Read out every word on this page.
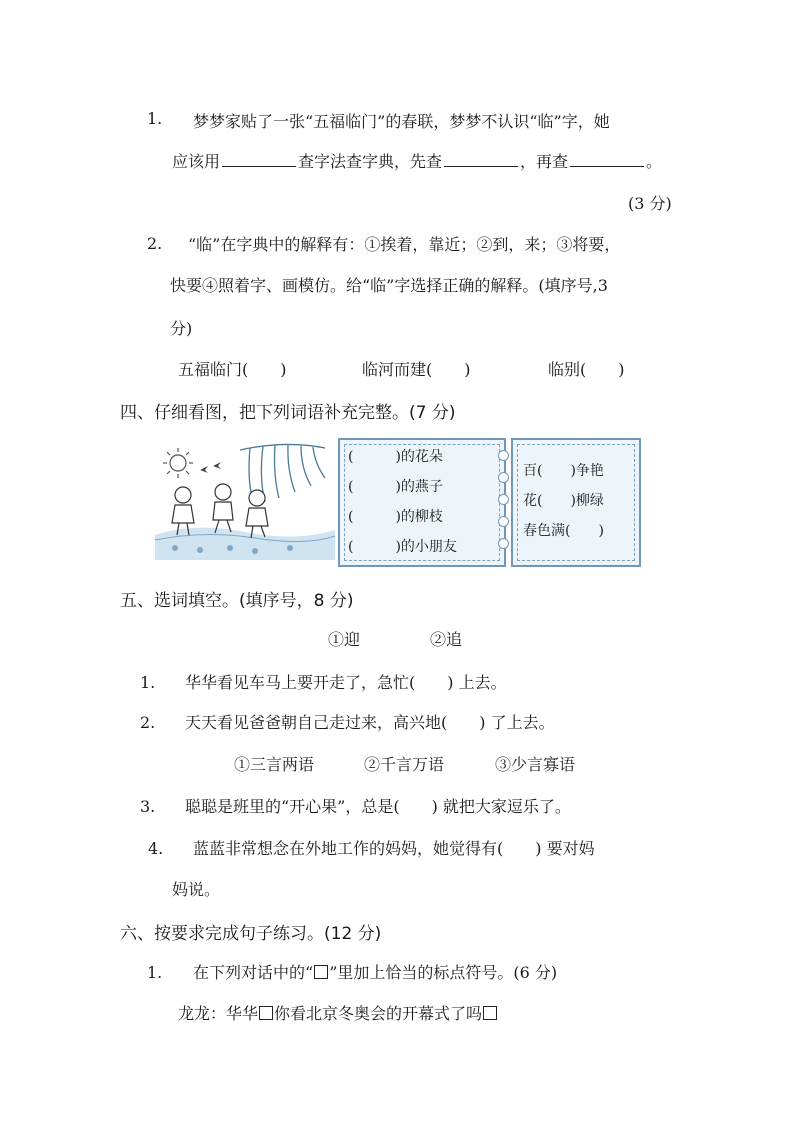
1. 梦梦家贴了一张“五福临门”的春联，梦梦不认识“临”字，她
应该用	查字法查字典，先查	，再查	。
(3 分)
2. “临”在字典中的解释有：①挨着，靠近；②到，来；③将要，
快要④照着字、画模仿。给“临”字选择正确的解释。(填序号,3
分)
五福临门(　　)	临河而建(　　)	临别(　　)
四、仔细看图，把下列词语补充完整。(7 分)
(　　　)的花朵
(　　　)的燕子
(　　　)的柳枝
(　　　)的小朋友
百(　　)争艳
花(　　)柳绿
春色满(　　)
五、选词填空。(填序号，8 分)
①迎	②追
1. 华华看见车马上要开走了，急忙(　　) 上去。
2. 天天看见爸爸朝自己走过来，高兴地(　　) 了上去。
①三言两语	②千言万语	③少言寡语
3. 聪聪是班里的“开心果”，总是(　　) 就把大家逗乐了。
4. 蓝蓝非常想念在外地工作的妈妈，她觉得有(　　) 要对妈
妈说。
六、按要求完成句子练习。(12 分)
1. 在下列对话中的“ ”里加上恰当的标点符号。(6 分)
龙龙：华华 你看北京冬奥会的开幕式了吗
